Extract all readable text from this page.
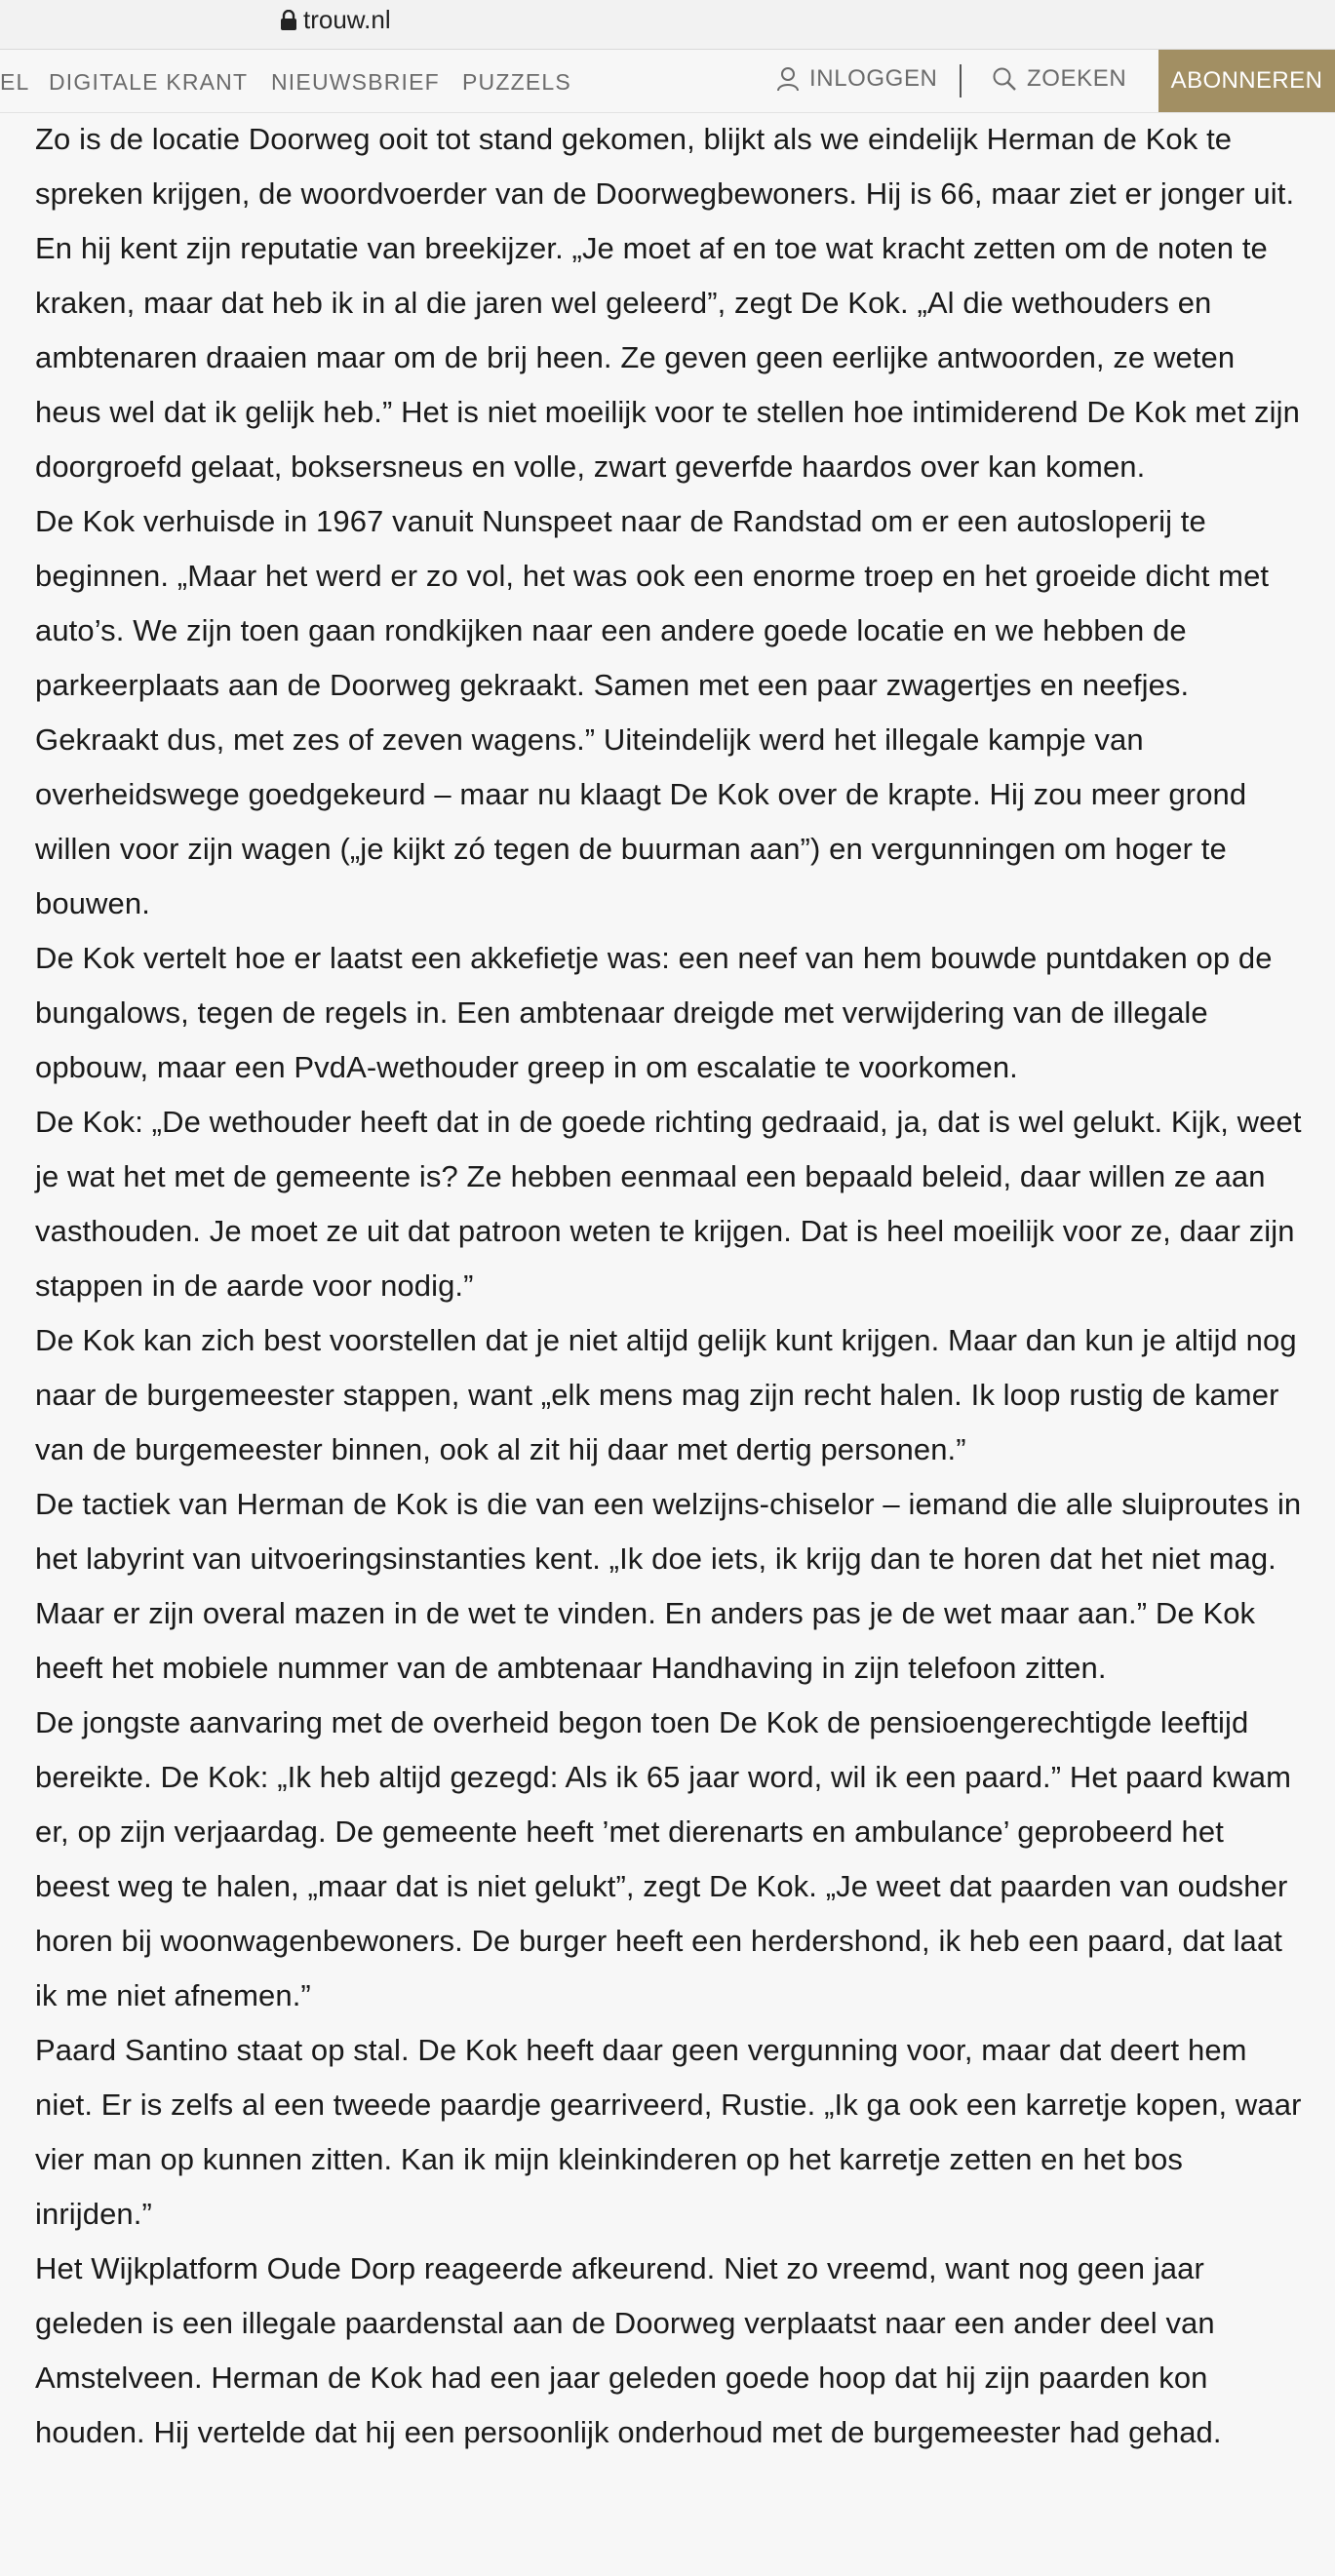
trouw.nl
EL DIGITALE KRANT NIEUWSBRIEF PUZZELS	INLOGGEN	ZOEKEN	ABONNEREN

Zo is de locatie Doorweg ooit tot stand gekomen, blijkt als we eindelijk Herman de Kok te spreken krijgen, de woordvoerder van de Doorwegbewoners. Hij is 66, maar ziet er jonger uit. En hij kent zijn reputatie van breekijzer. „Je moet af en toe wat kracht zetten om de noten te kraken, maar dat heb ik in al die jaren wel geleerd”, zegt De Kok. „Al die wethouders en ambtenaren draaien maar om de brij heen. Ze geven geen eerlijke antwoorden, ze weten heus wel dat ik gelijk heb.” Het is niet moeilijk voor te stellen hoe intimiderend De Kok met zijn doorgroefd gelaat, boksersneus en volle, zwart geverfde haardos over kan komen.

De Kok verhuisde in 1967 vanuit Nunspeet naar de Randstad om er een autosloperij te beginnen. „Maar het werd er zo vol, het was ook een enorme troep en het groeide dicht met auto’s. We zijn toen gaan rondkijken naar een andere goede locatie en we hebben de parkeerplaats aan de Doorweg gekraakt. Samen met een paar zwagertjes en neefjes. Gekraakt dus, met zes of zeven wagens.” Uiteindelijk werd het illegale kampje van overheidswege goedgekeurd – maar nu klaagt De Kok over de krapte. Hij zou meer grond willen voor zijn wagen („je kijkt zó tegen de buurman aan”) en vergunningen om hoger te bouwen.

De Kok vertelt hoe er laatst een akkefietje was: een neef van hem bouwde puntdaken op de bungalows, tegen de regels in. Een ambtenaar dreigde met verwijdering van de illegale opbouw, maar een PvdA-wethouder greep in om escalatie te voorkomen.

De Kok: „De wethouder heeft dat in de goede richting gedraaid, ja, dat is wel gelukt. Kijk, weet je wat het met de gemeente is? Ze hebben eenmaal een bepaald beleid, daar willen ze aan vasthouden. Je moet ze uit dat patroon weten te krijgen. Dat is heel moeilijk voor ze, daar zijn stappen in de aarde voor nodig.”

De Kok kan zich best voorstellen dat je niet altijd gelijk kunt krijgen. Maar dan kun je altijd nog naar de burgemeester stappen, want „elk mens mag zijn recht halen. Ik loop rustig de kamer van de burgemeester binnen, ook al zit hij daar met dertig personen.”

De tactiek van Herman de Kok is die van een welzijns-chiselor – iemand die alle sluiproutes in het labyrint van uitvoeringsinstanties kent. „Ik doe iets, ik krijg dan te horen dat het niet mag. Maar er zijn overal mazen in de wet te vinden. En anders pas je de wet maar aan.” De Kok heeft het mobiele nummer van de ambtenaar Handhaving in zijn telefoon zitten.

De jongste aanvaring met de overheid begon toen De Kok de pensioengerechtigde leeftijd bereikte. De Kok: „Ik heb altijd gezegd: Als ik 65 jaar word, wil ik een paard.” Het paard kwam er, op zijn verjaardag. De gemeente heeft ’met dierenarts en ambulance’ geprobeerd het beest weg te halen, „maar dat is niet gelukt”, zegt De Kok. „Je weet dat paarden van oudsher horen bij woonwagenbewoners. De burger heeft een herdershond, ik heb een paard, dat laat ik me niet afnemen.”

Paard Santino staat op stal. De Kok heeft daar geen vergunning voor, maar dat deert hem niet. Er is zelfs al een tweede paardje gearriveerd, Rustie. „Ik ga ook een karretje kopen, waar vier man op kunnen zitten. Kan ik mijn kleinkinderen op het karretje zetten en het bos inrijden.”

Het Wijkplatform Oude Dorp reageerde afkeurend. Niet zo vreemd, want nog geen jaar geleden is een illegale paardenstal aan de Doorweg verplaatst naar een ander deel van Amstelveen. Herman de Kok had een jaar geleden goede hoop dat hij zijn paarden kon houden. Hij vertelde dat hij een persoonlijk onderhoud met de burgemeester had gehad.
